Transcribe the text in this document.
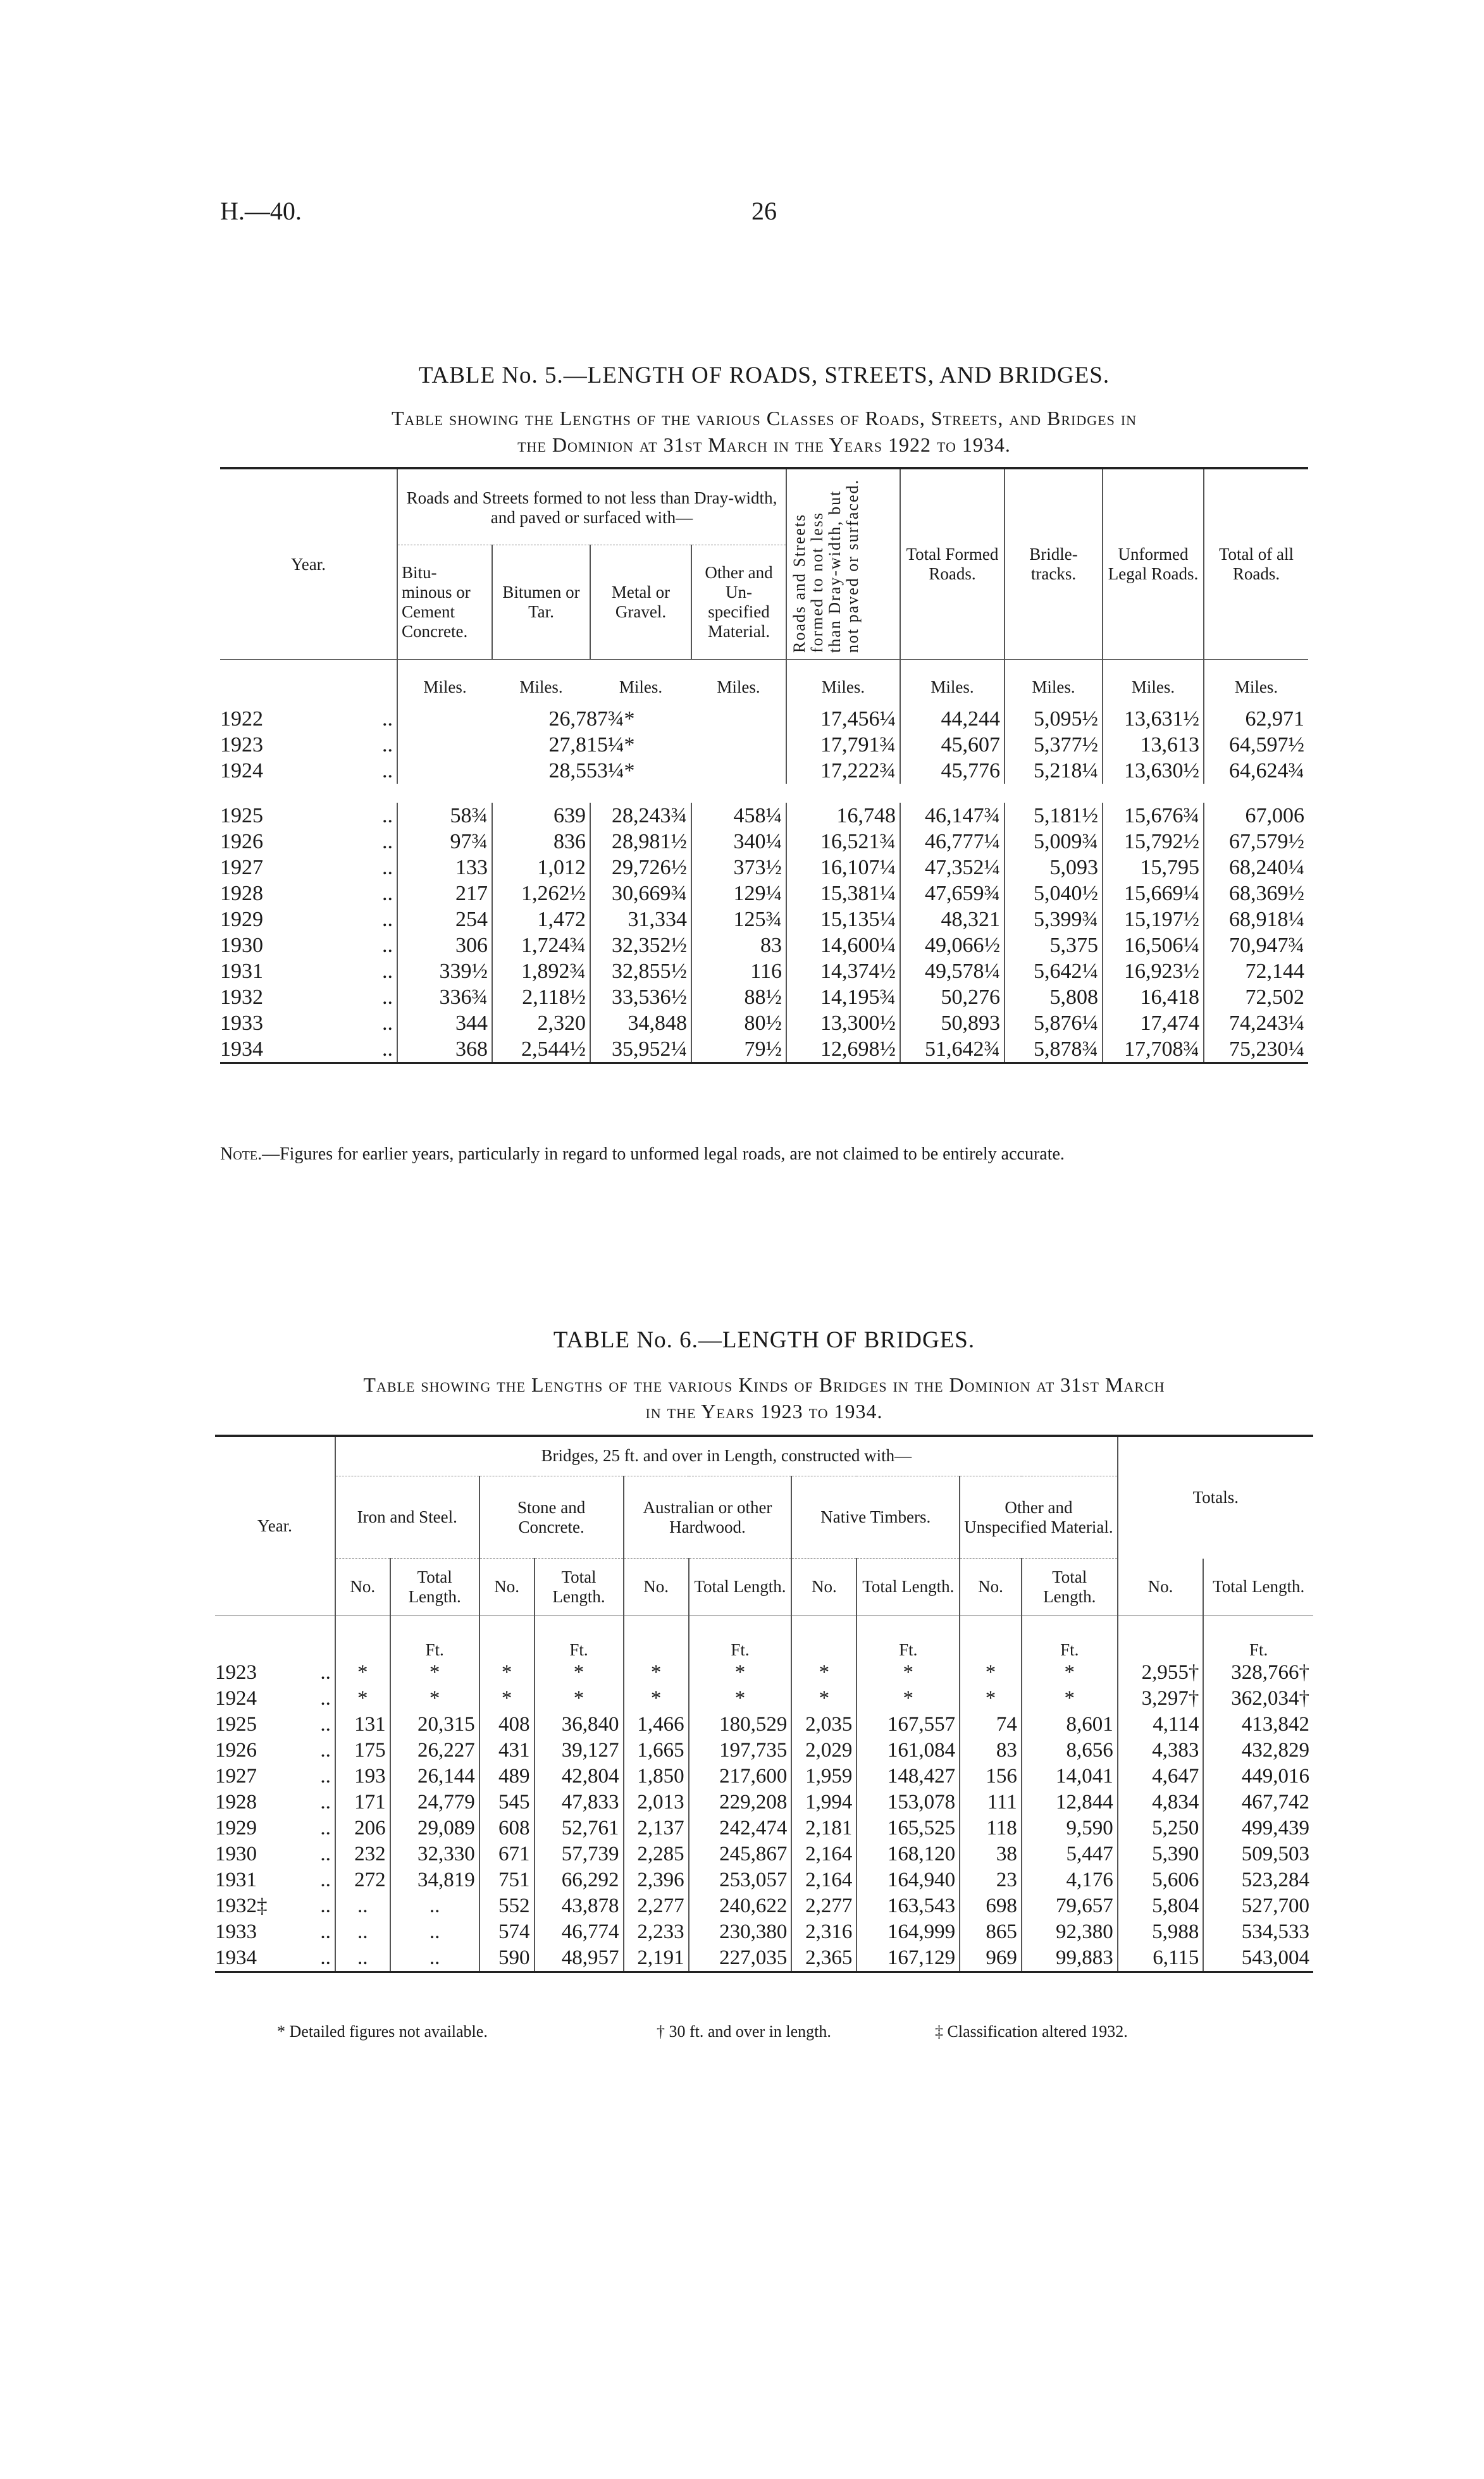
H.—40.	26
TABLE No. 5.—LENGTH OF ROADS, STREETS, AND BRIDGES.
Table showing the Lengths of the various Classes of Roads, Streets, and Bridges in
the Dominion at 31st March in the Years 1922 to 1934.

Year.		Roads and Streets formed to not less than Dray-width, and paved or surfaced with—				Roads and Streets formed to not less than Dray-width, but not paved or surfaced.	Total Formed Roads.	Bridle- tracks.	Unformed Legal Roads.	Total of all Roads.
		Bitu- minous or Cement Concrete.	Bitumen or Tar.	Metal or Gravel.	Other and Un- specified Material.					

		Miles.	Miles.	Miles.	Miles.	Miles.	Miles.	Miles.	Miles.	Miles.
1922	..	26,787¾*				17,456¼	44,244	5,095½	13,631½	62,971
1923	..	27,815¼*				17,791¾	45,607	5,377½	13,613	64,597½
1924	..	28,553¼*				17,222¾	45,776	5,218¼	13,630½	64,624¾

1925	..	58¾	639	28,243¾	458¼	16,748	46,147¾	5,181½	15,676¾	67,006
1926	..	97¾	836	28,981½	340¼	16,521¾	46,777¼	5,009¾	15,792½	67,579½
1927	..	133	1,012	29,726½	373½	16,107¼	47,352¼	5,093	15,795	68,240¼
1928	..	217	1,262½	30,669¾	129¼	15,381¼	47,659¾	5,040½	15,669¼	68,369½
1929	..	254	1,472	31,334	125¾	15,135¼	48,321	5,399¾	15,197½	68,918¼
1930	..	306	1,724¾	32,352½	83	14,600¼	49,066½	5,375	16,506¼	70,947¾
1931	..	339½	1,892¾	32,855½	116	14,374½	49,578¼	5,642¼	16,923½	72,144
1932	..	336¾	2,118½	33,536½	88½	14,195¾	50,276	5,808	16,418	72,502
1933	..	344	2,320	34,848	80½	13,300½	50,893	5,876¼	17,474	74,243¼
1934	..	368	2,544½	35,952¼	79½	12,698½	51,642¾	5,878¾	17,708¾	75,230¼

Note.—Figures for earlier years, particularly in regard to unformed legal roads, are not claimed to be entirely accurate.
TABLE No. 6.—LENGTH OF BRIDGES.
Table showing the Lengths of the various Kinds of Bridges in the Dominion at 31st March
in the Years 1923 to 1934.

Year.		Bridges, 25 ft. and over in Length, constructed with—										Totals.	
		Iron and Steel.		Stone and Concrete.		Australian or other Hardwood.		Native Timbers.		Other and Unspecified Material.			
		No.	Total Length.	No.	Total Length.	No.	Total Length.	No.	Total Length.	No.	Total Length.	No.	Total Length.

			Ft.		Ft.		Ft.		Ft.		Ft.		Ft.
1923	..	*	*	*	*	*	*	*	*	*	*	2,955†	328,766†
1924	..	*	*	*	*	*	*	*	*	*	*	3,297†	362,034†
1925	..	131	20,315	408	36,840	1,466	180,529	2,035	167,557	74	8,601	4,114	413,842
1926	..	175	26,227	431	39,127	1,665	197,735	2,029	161,084	83	8,656	4,383	432,829
1927	..	193	26,144	489	42,804	1,850	217,600	1,959	148,427	156	14,041	4,647	449,016
1928	..	171	24,779	545	47,833	2,013	229,208	1,994	153,078	111	12,844	4,834	467,742
1929	..	206	29,089	608	52,761	2,137	242,474	2,181	165,525	118	9,590	5,250	499,439
1930	..	232	32,330	671	57,739	2,285	245,867	2,164	168,120	38	5,447	5,390	509,503
1931	..	272	34,819	751	66,292	2,396	253,057	2,164	164,940	23	4,176	5,606	523,284
1932‡	..	..	..	552	43,878	2,277	240,622	2,277	163,543	698	79,657	5,804	527,700
1933	..	..	..	574	46,774	2,233	230,380	2,316	164,999	865	92,380	5,988	534,533
1934	..	..	..	590	48,957	2,191	227,035	2,365	167,129	969	99,883	6,115	543,004

* Detailed figures not available.	† 30 ft. and over in length.	‡ Classification altered 1932.
